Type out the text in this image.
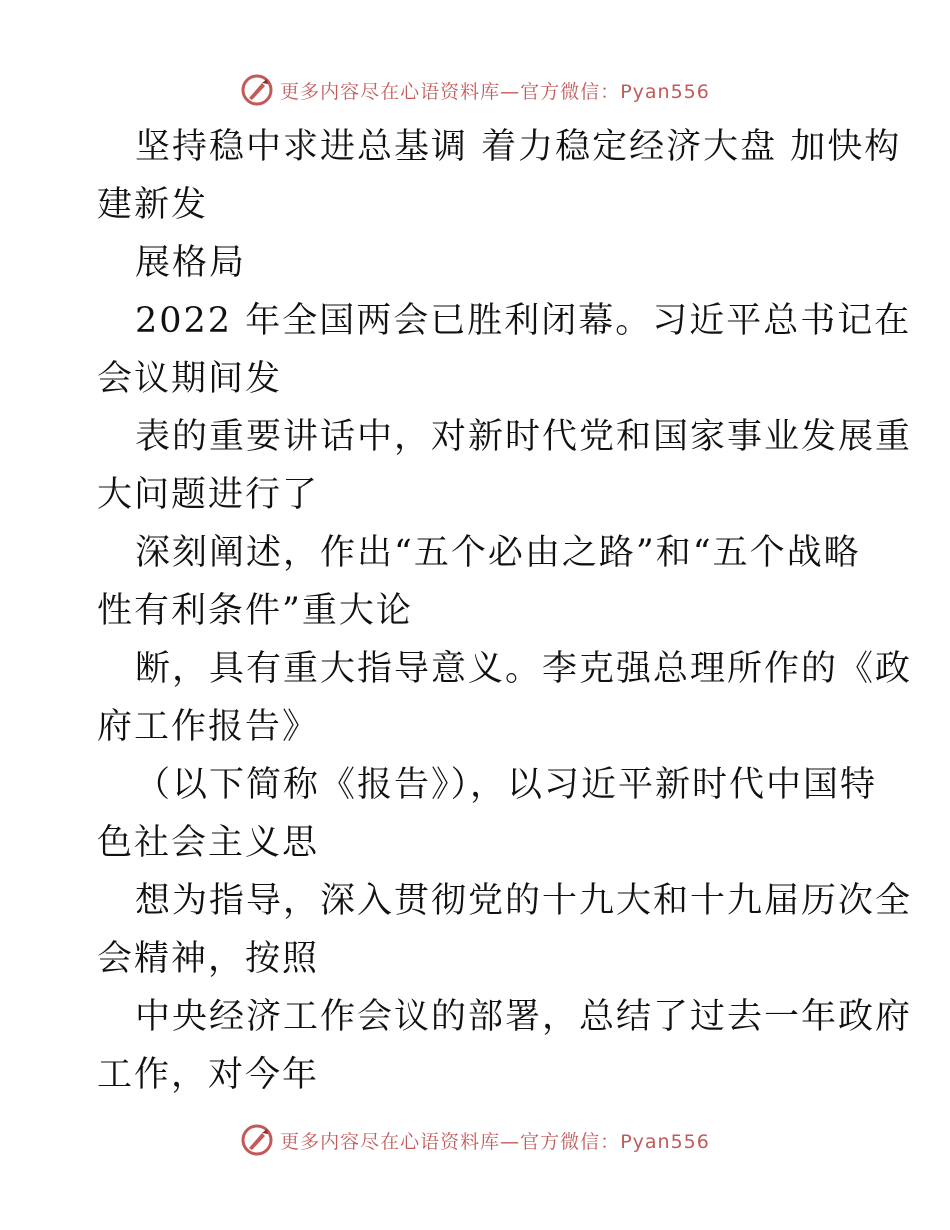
更多内容尽在心语资料库—官方微信：Pyan556
坚持稳中求进总基调 着力稳定经济大盘 加快构
建新发
展格局
2022 年全国两会已胜利闭幕。习近平总书记在
会议期间发
表的重要讲话中，对新时代党和国家事业发展重
大问题进行了
深刻阐述，作出“五个必由之路”和“五个战略
性有利条件”重大论
断，具有重大指导意义。李克强总理所作的《政
府工作报告》
（以下简称《报告》），以习近平新时代中国特
色社会主义思
想为指导，深入贯彻党的十九大和十九届历次全
会精神，按照
中央经济工作会议的部署，总结了过去一年政府
工作，对今年
更多内容尽在心语资料库—官方微信：Pyan556
